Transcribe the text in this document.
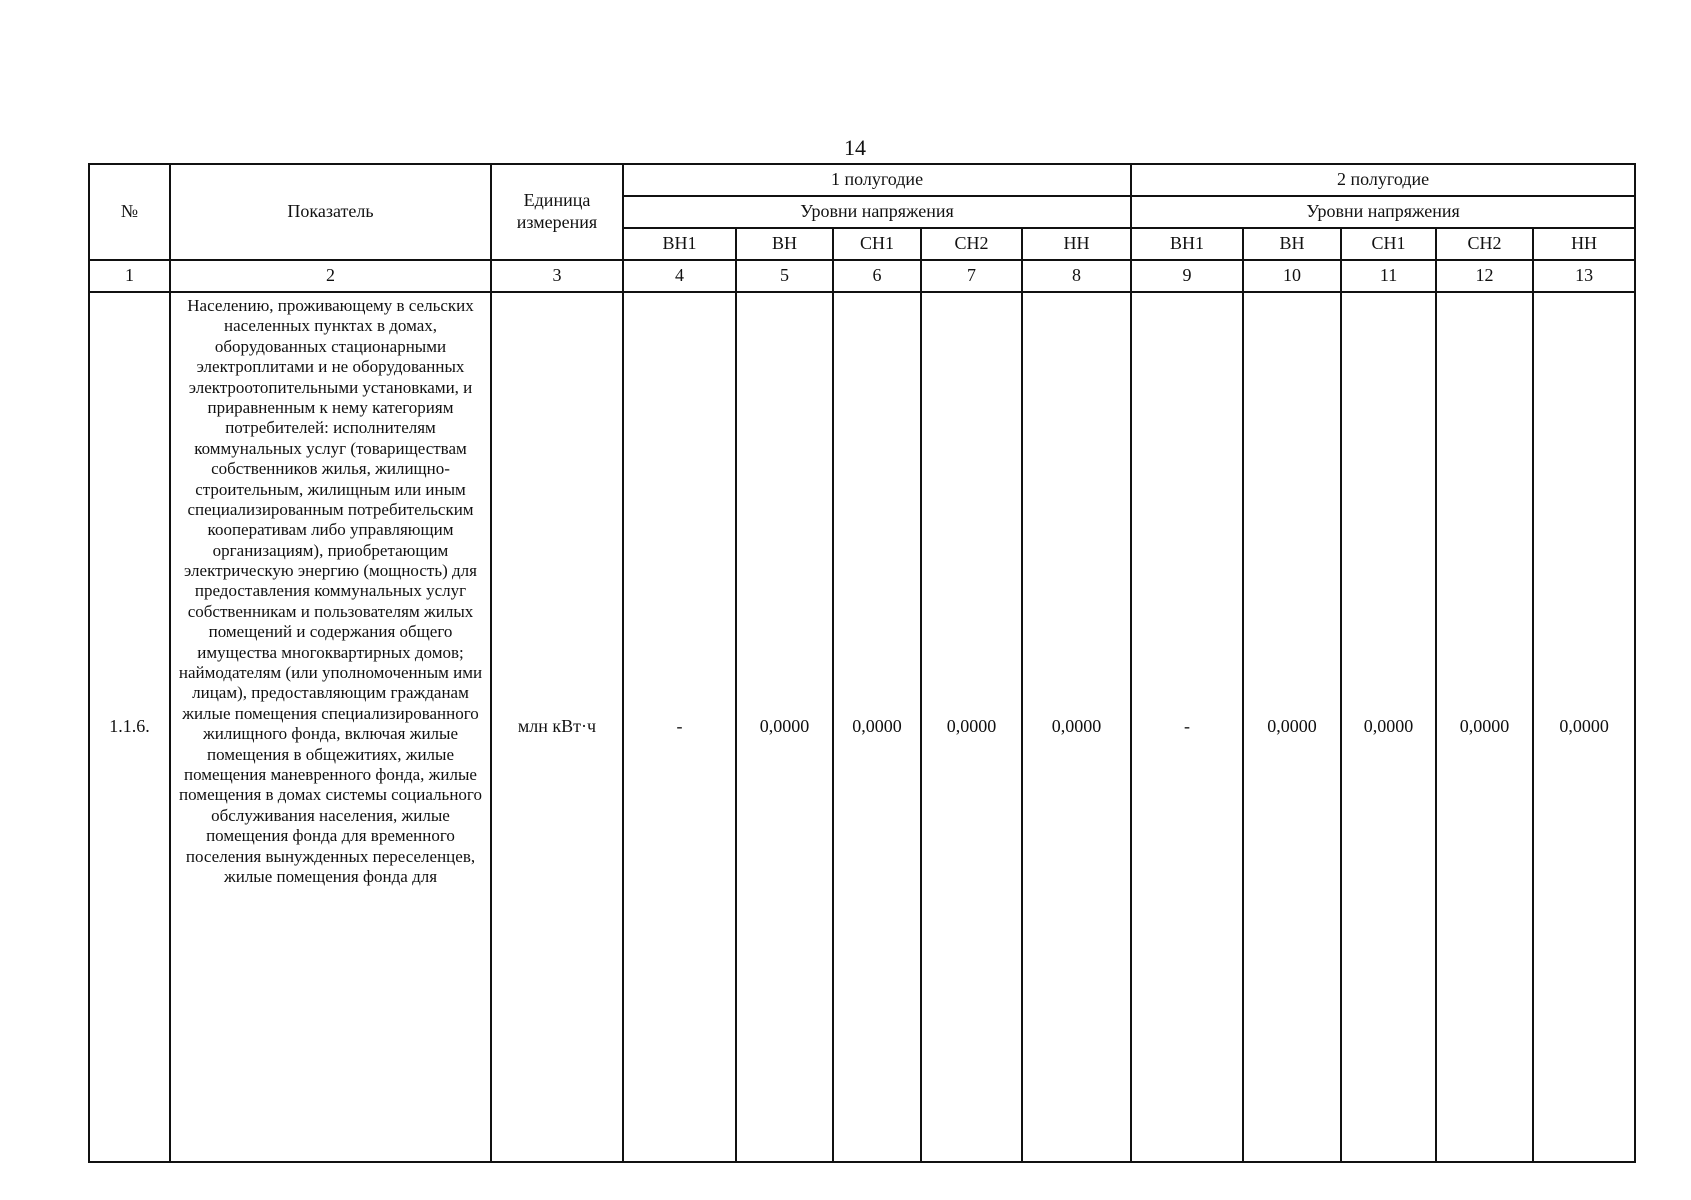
14
№	Показатель	Единица измерения	1 полугодие					2 полугодие				
			Уровни напряжения					Уровни напряжения				
			ВН1	ВН	СН1	СН2	НН	ВН1	ВН	СН1	СН2	НН
1	2	3	4	5	6	7	8	9	10	11	12	13
1.1.6.	Населению, проживающему в сельских населенных пунктах в домах, оборудованных стационарными электроплитами и не оборудованных электроотопительными установками, и приравненным к нему категориям потребителей: исполнителям коммунальных услуг (товариществам собственников жилья, жилищно-строительным, жилищным или иным специализированным потребительским кооперативам либо управляющим организациям), приобретающим электрическую энергию (мощность) для предоставления коммунальных услуг собственникам и пользователям жилых помещений и содержания общего имущества многоквартирных домов; наймодателям (или уполномоченным ими лицам), предоставляющим гражданам жилые помещения специализированного жилищного фонда, включая жилые помещения в общежитиях, жилые помещения маневренного фонда, жилые помещения в домах системы социального обслуживания населения, жилые помещения фонда для временного поселения вынужденных переселенцев, жилые помещения фонда для	млн кВт·ч	-	0,0000	0,0000	0,0000	0,0000	-	0,0000	0,0000	0,0000	0,0000
